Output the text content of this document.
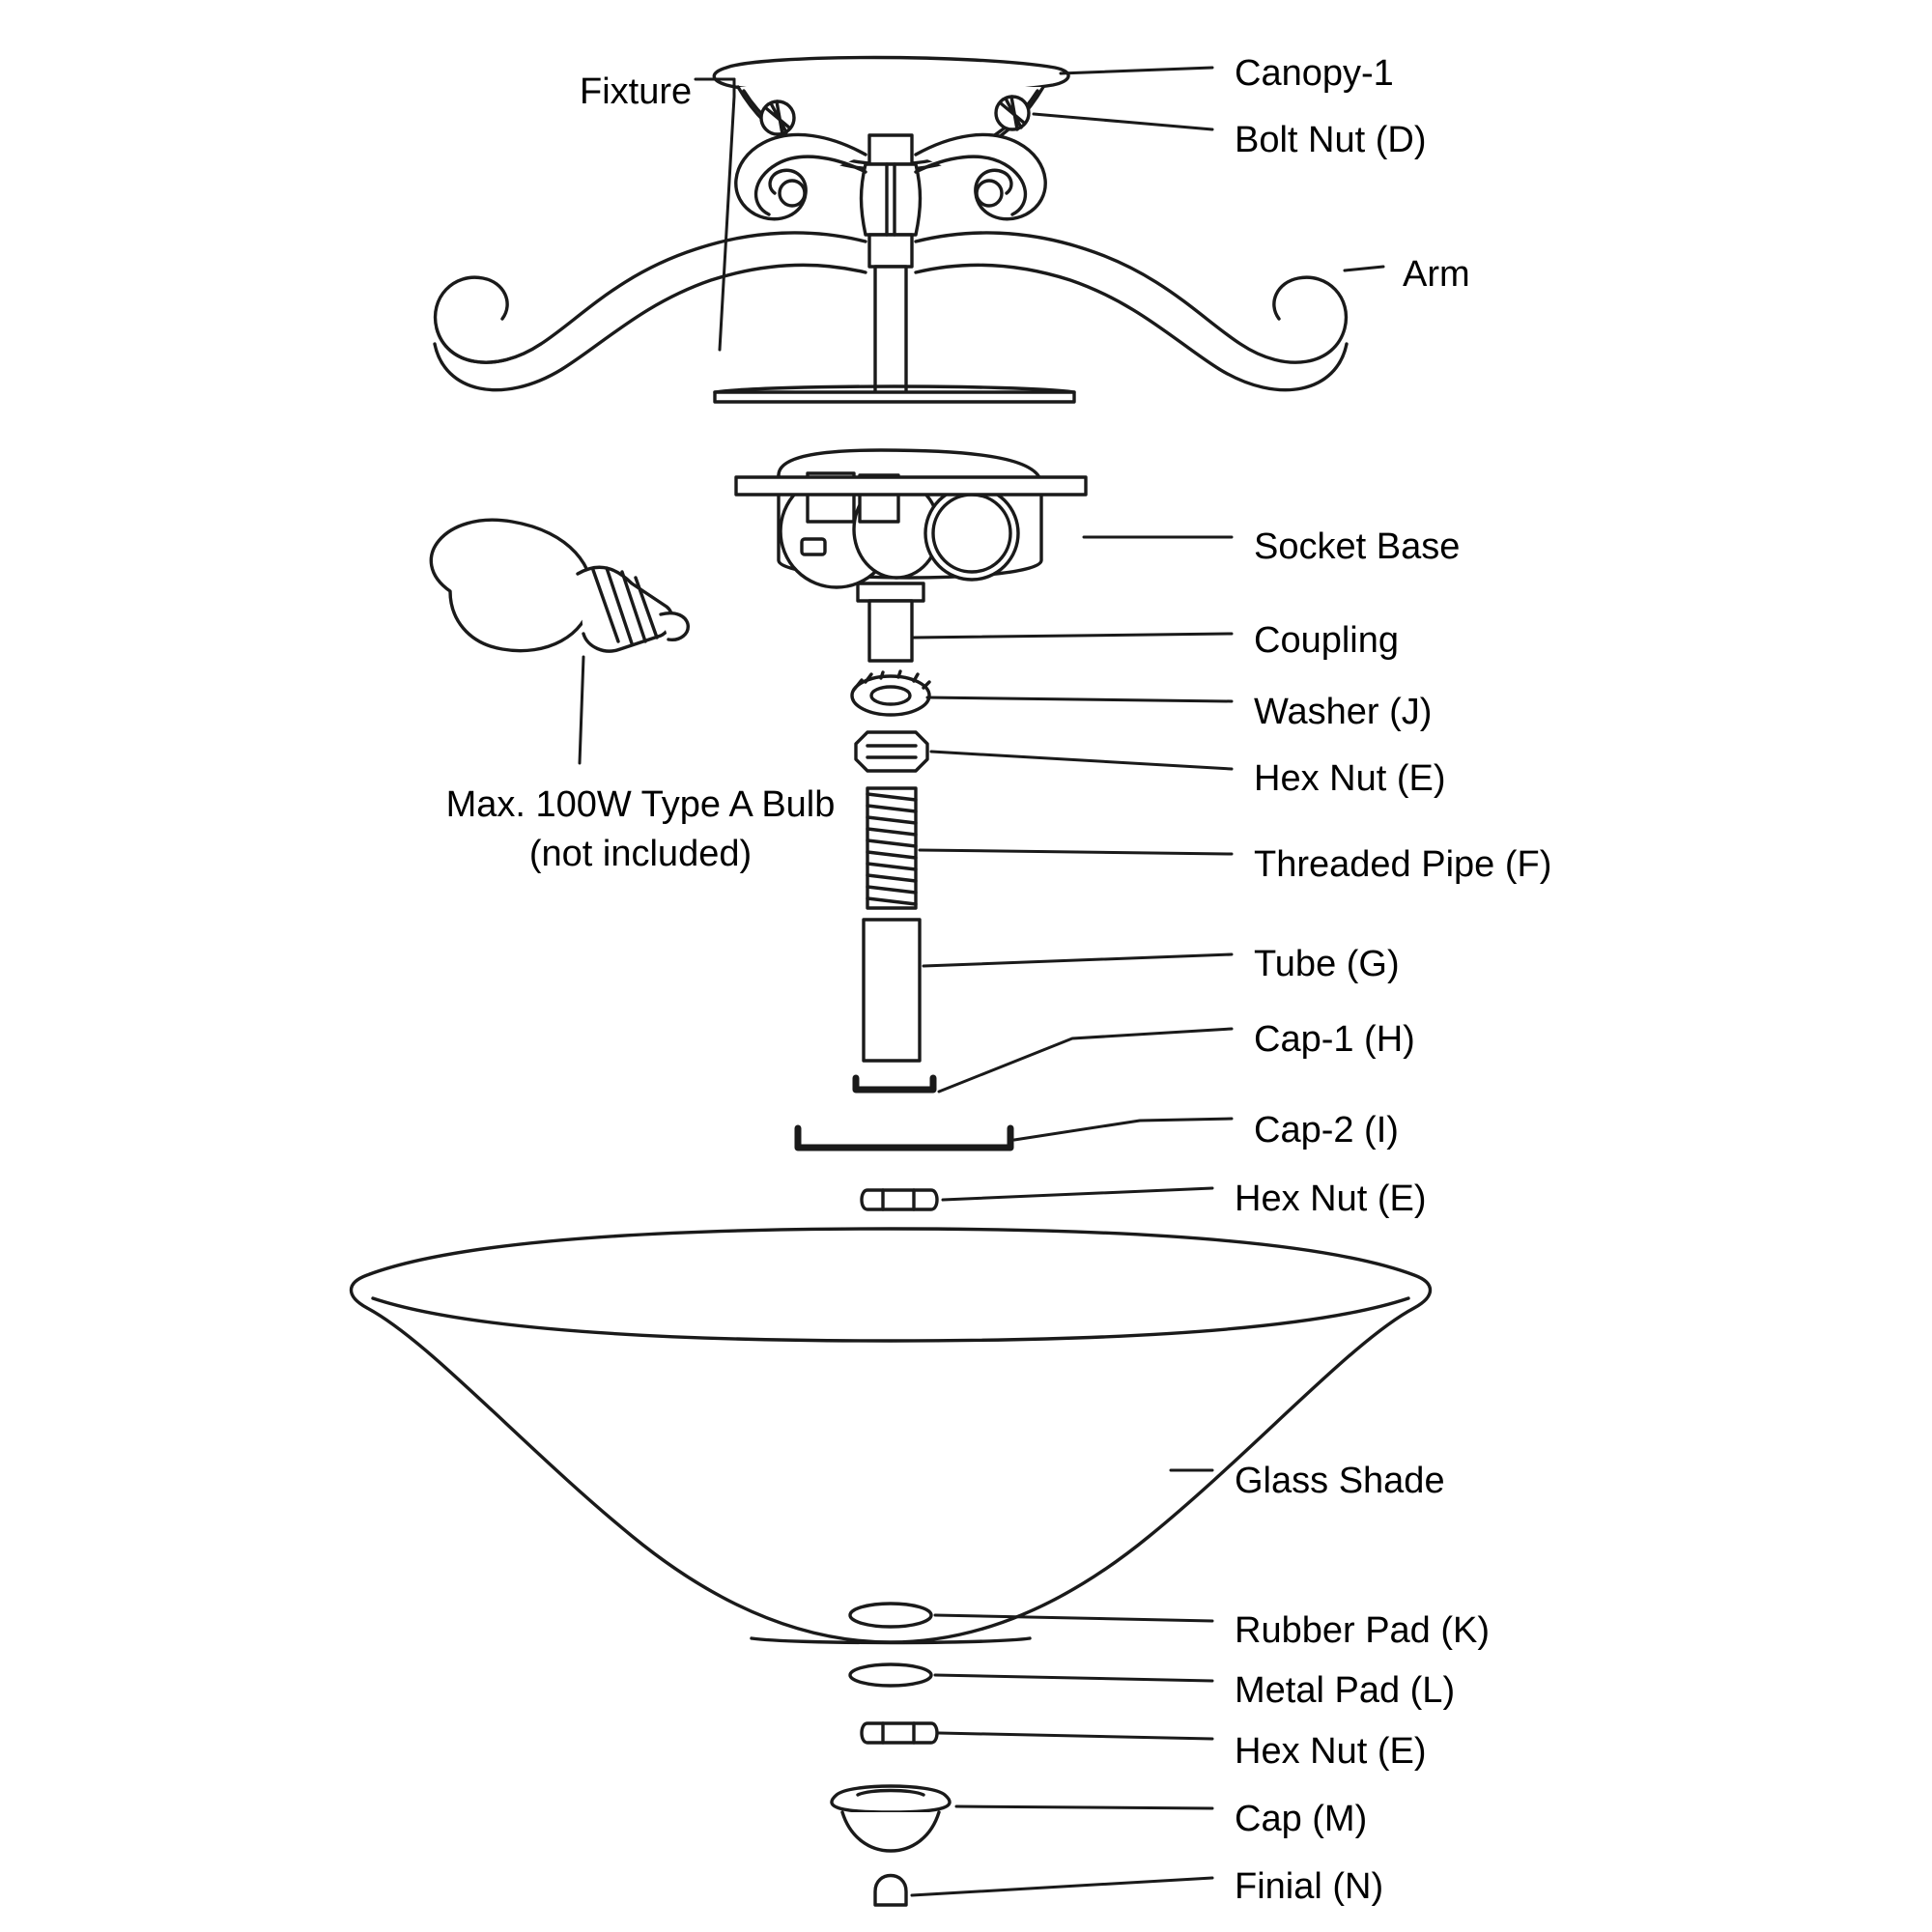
Fixture	Canopy-1
Bolt Nut (D)
Arm
Socket Base
Coupling
Washer (J)
Hex Nut (E)
Threaded Pipe (F)
Tube (G)
Cap-1 (H)
Cap-2 (I)
Hex Nut (E)
Glass Shade
Rubber Pad (K)
Metal Pad (L)
Hex Nut (E)
Cap (M)
Finial (N)
Max. 100W Type A Bulb
(not included)
